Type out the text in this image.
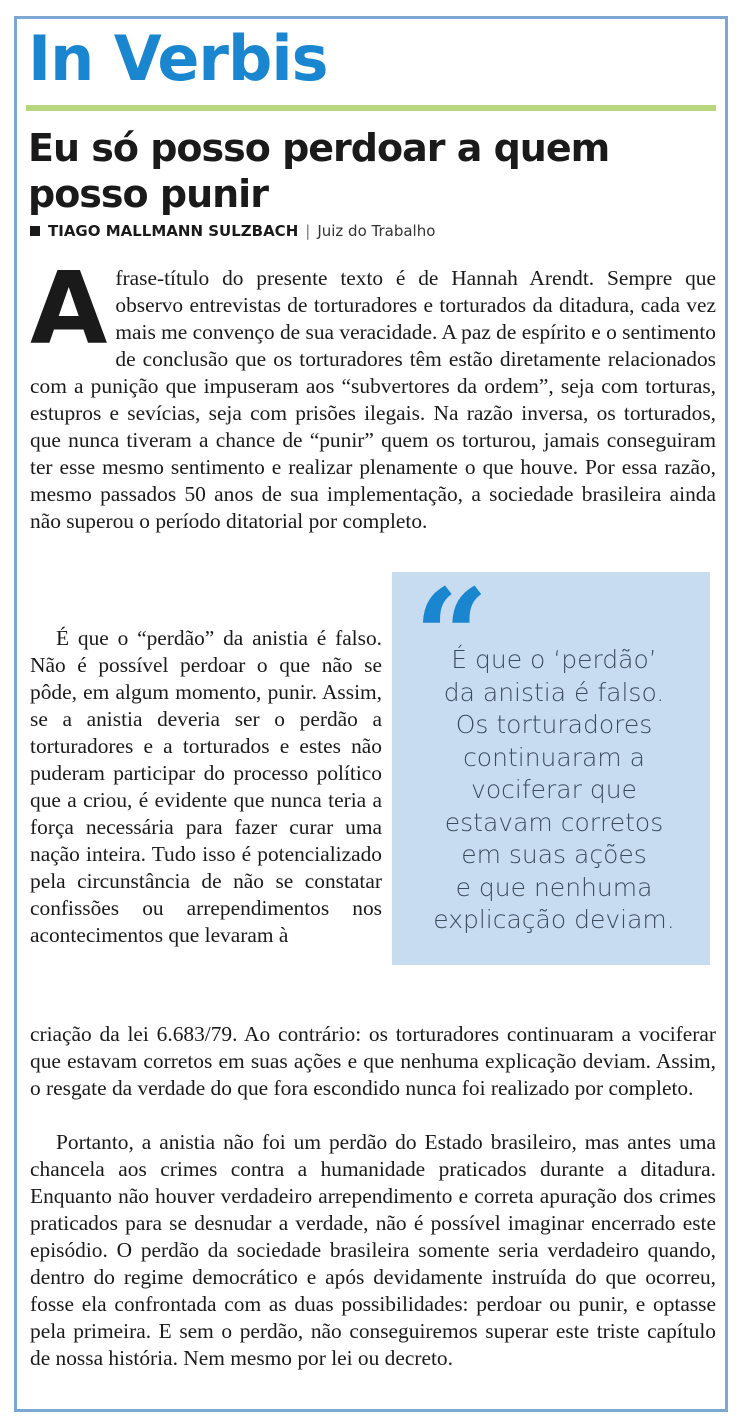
In Verbis
Eu só posso perdoar a quem posso punir
TIAGO MALLMANN SULZBACH | Juiz do Trabalho
A frase-título do presente texto é de Hannah Arendt. Sempre que observo entrevistas de torturadores e torturados da ditadura, cada vez mais me convenço de sua veracidade. A paz de espírito e o sentimento de conclusão que os torturadores têm estão diretamente relacionados com a punição que impuseram aos “subvertores da ordem”, seja com torturas, estupros e sevícias, seja com prisões ilegais. Na razão inversa, os torturados, que nunca tiveram a chance de “punir” quem os torturou, jamais conseguiram ter esse mesmo sentimento e realizar plenamente o que houve. Por essa razão, mesmo passados 50 anos de sua implementação, a sociedade brasileira ainda não superou o período ditatorial por completo.

É que o “perdão” da anistia é falso. Não é possível perdoar o que não se pôde, em algum momento, punir. Assim, se a anistia deveria ser o perdão a torturadores e a torturados e estes não puderam participar do processo político que a criou, é evidente que nunca teria a força necessária para fazer curar uma nação inteira. Tudo isso é potencializado pela circunstância de não se constatar confissões ou arrependimentos nos acontecimentos que levaram à

criação da lei 6.683/79. Ao contrário: os torturadores continuaram a vociferar que estavam corretos em suas ações e que nenhuma explicação deviam. Assim, o resgate da verdade do que fora escondido nunca foi realizado por completo.

Portanto, a anistia não foi um perdão do Estado brasileiro, mas antes uma chancela aos crimes contra a humanidade praticados durante a ditadura. Enquanto não houver verdadeiro arrependimento e correta apuração dos crimes praticados para se desnudar a verdade, não é possível imaginar encerrado este episódio. O perdão da sociedade brasileira somente seria verdadeiro quando, dentro do regime democrático e após devidamente instruída do que ocorreu, fosse ela confrontada com as duas possibilidades: perdoar ou punir, e optasse pela primeira. E sem o perdão, não conseguiremos superar este triste capítulo de nossa história. Nem mesmo por lei ou decreto.

“

É que o ‘perdão’
da anistia é falso.
Os torturadores
continuaram a
vociferar que
estavam corretos
em suas ações
e que nenhuma
explicação deviam.
